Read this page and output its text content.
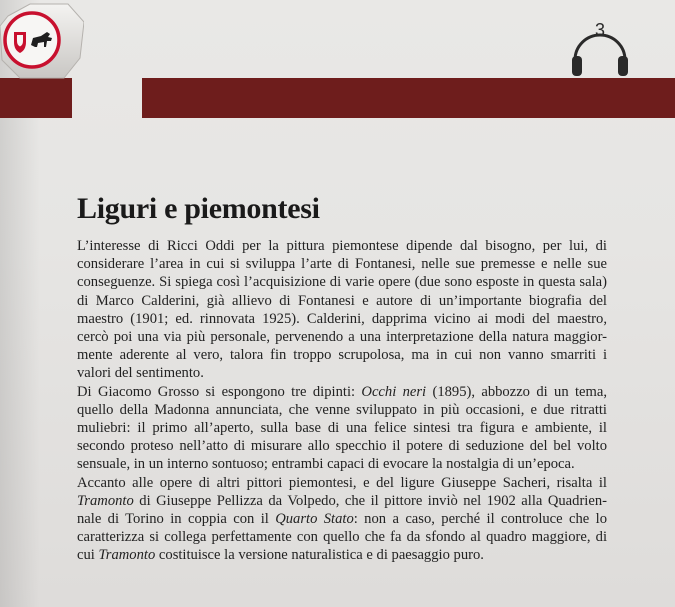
3
Liguri e piemontesi

L’interesse di Ricci Oddi per la pittura piemontese dipende dal bisogno, per lui, di
considerare l’area in cui si sviluppa l’arte di Fontanesi, nelle sue premesse e nelle sue
conseguenze. Si spiega così l’acquisizione di varie opere (due sono esposte in questa sala)
di Marco Calderini, già allievo di Fontanesi e autore di un’importante biografia del
maestro (1901; ed. rinnovata 1925). Calderini, dapprima vicino ai modi del maestro,
cercò poi una via più personale, pervenendo a una interpretazione della natura maggior-
mente aderente al vero, talora fin troppo scrupolosa, ma in cui non vanno smarriti i
valori del sentimento.

Di Giacomo Grosso si espongono tre dipinti: Occhi neri (1895), abbozzo di un tema,
quello della Madonna annunciata, che venne sviluppato in più occasioni, e due ritratti
muliebri: il primo all’aperto, sulla base di una felice sintesi tra figura e ambiente, il
secondo proteso nell’atto di misurare allo specchio il potere di seduzione del bel volto
sensuale, in un interno sontuoso; entrambi capaci di evocare la nostalgia di un’epoca.

Accanto alle opere di altri pittori piemontesi, e del ligure Giuseppe Sacheri, risalta il
Tramonto di Giuseppe Pellizza da Volpedo, che il pittore inviò nel 1902 alla Quadrien-
nale di Torino in coppia con il Quarto Stato: non a caso, perché il controluce che lo
caratterizza si collega perfettamente con quello che fa da sfondo al quadro maggiore, di
cui Tramonto costituisce la versione naturalistica e di paesaggio puro.
